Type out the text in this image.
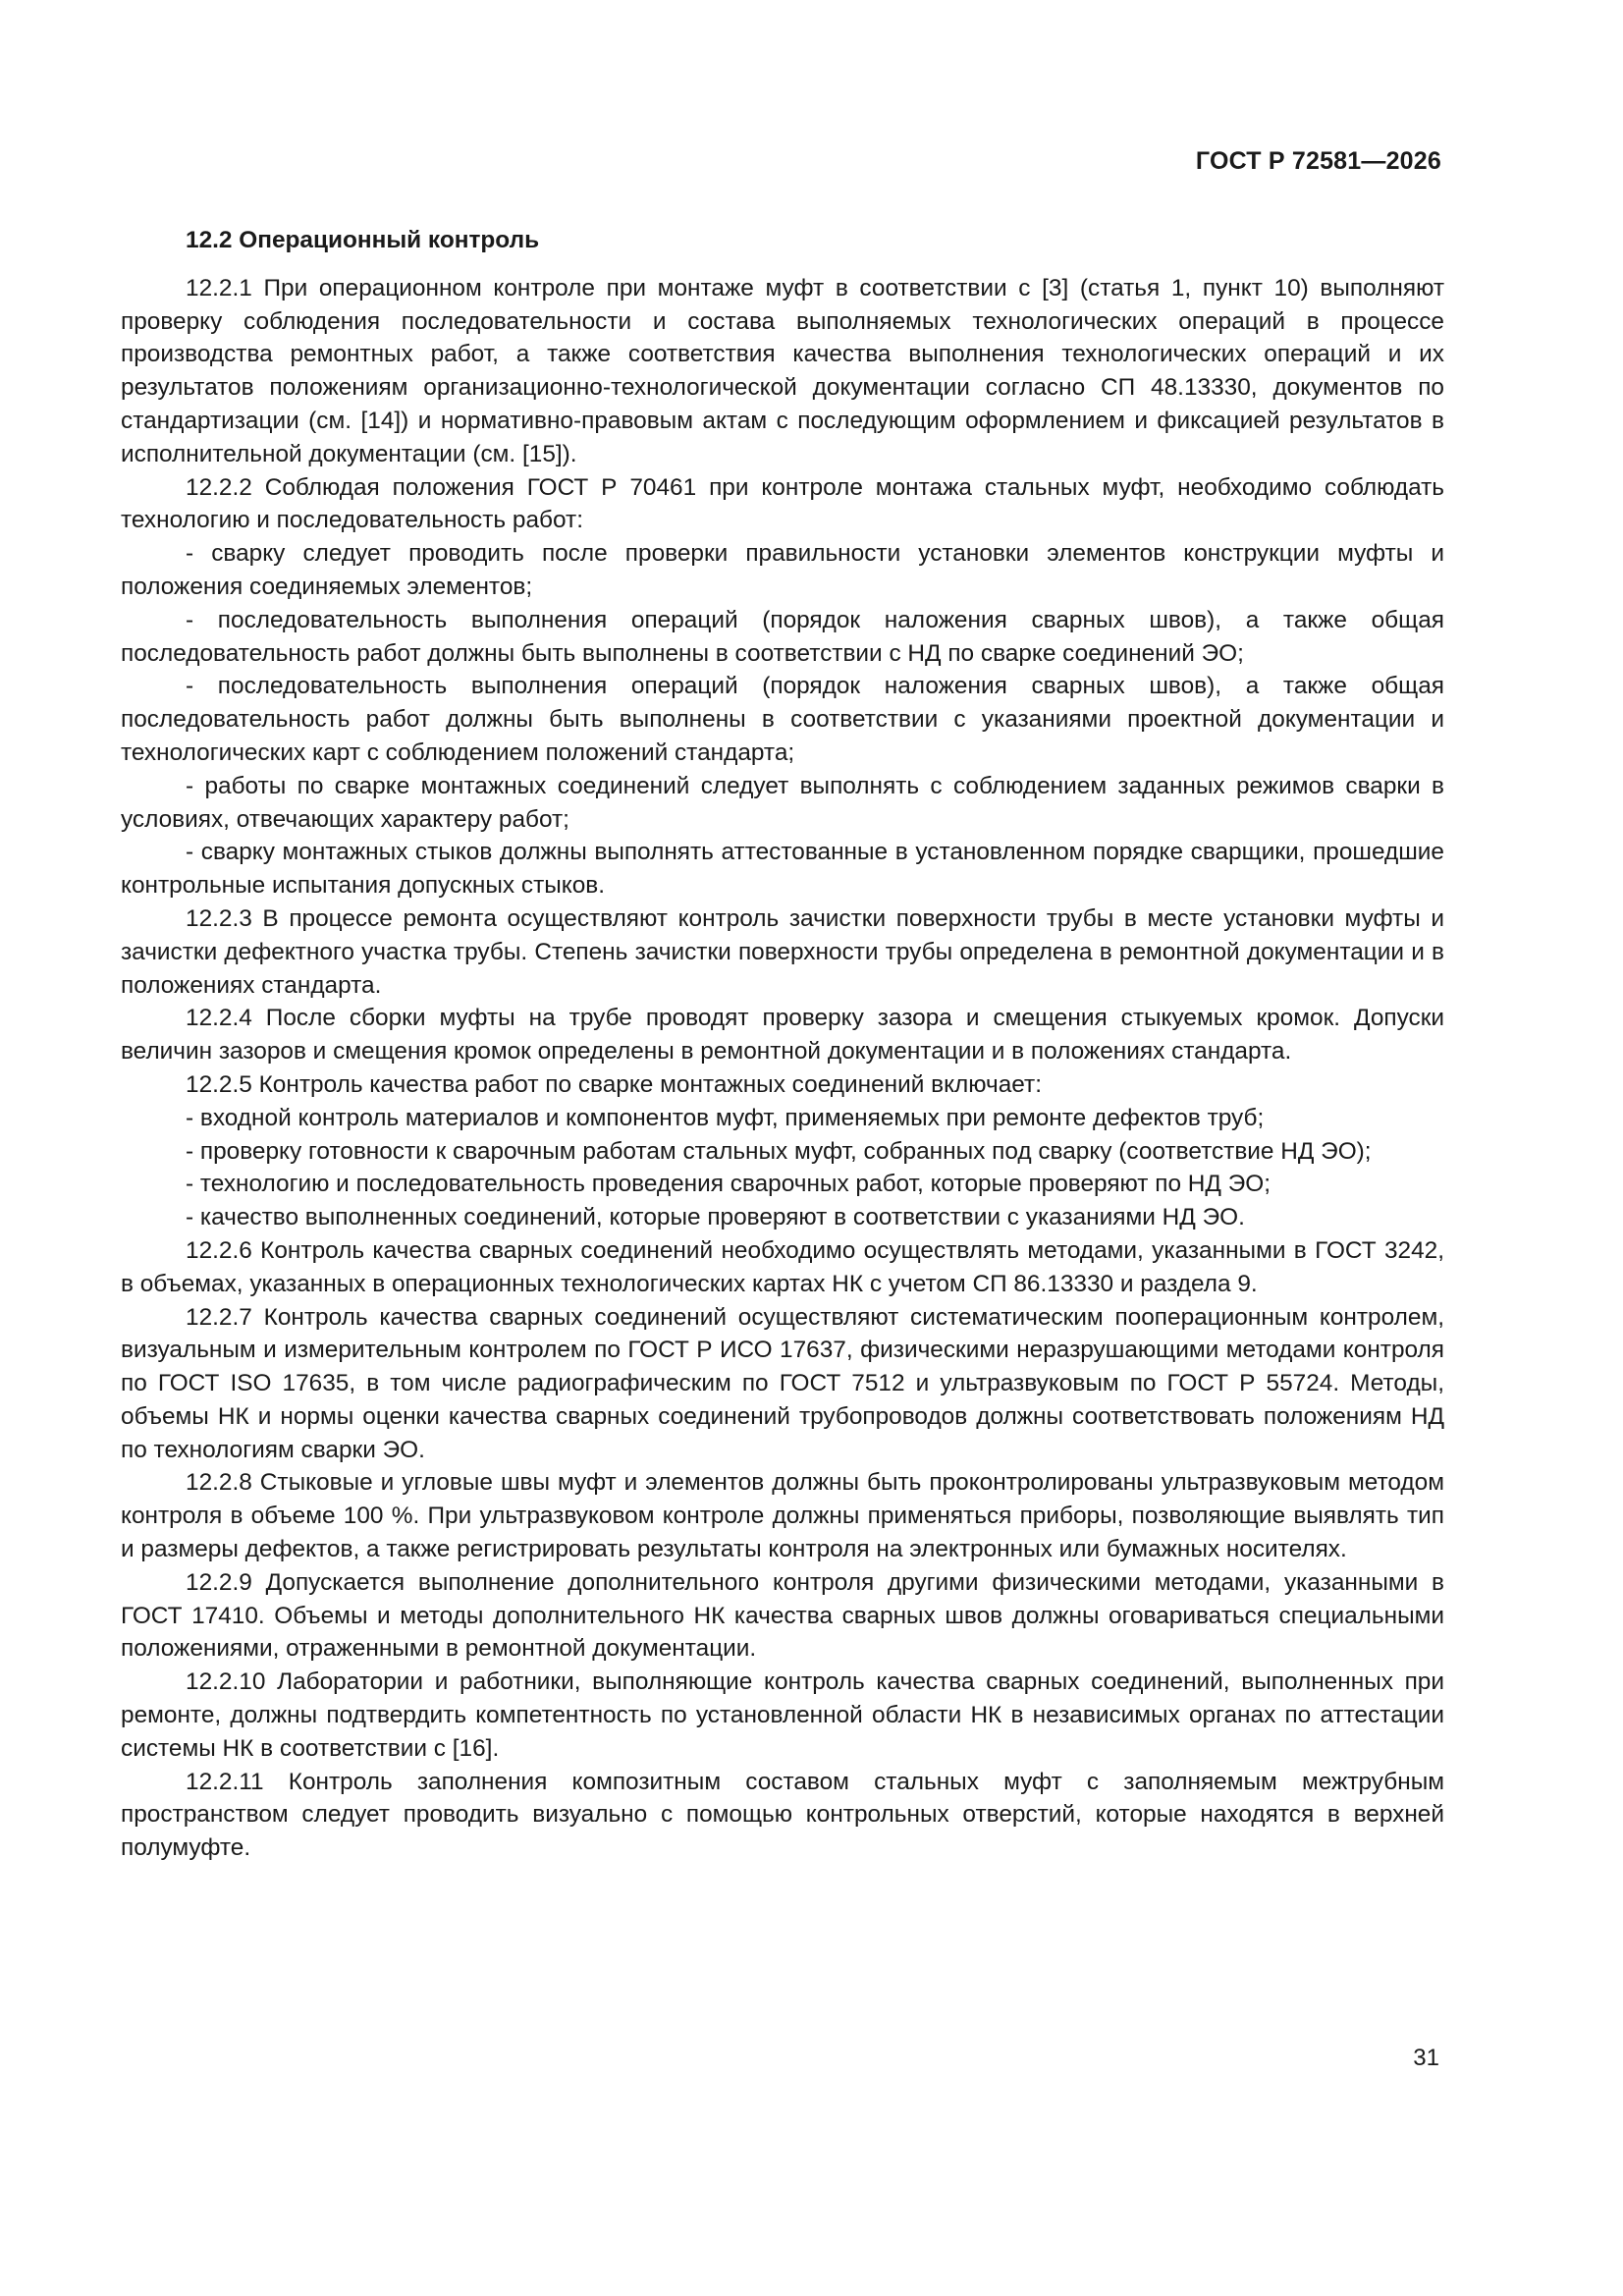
ГОСТ Р 72581—2026
12.2 Операционный контроль

12.2.1 При операционном контроле при монтаже муфт в соответствии с [3] (статья 1, пункт 10) выполняют проверку соблюдения последовательности и состава выполняемых технологических операций в процессе производства ремонтных работ, а также соответствия качества выполнения технологических операций и их результатов положениям организационно-технологической документации согласно СП 48.13330, документов по стандартизации (см. [14]) и нормативно-правовым актам с последующим оформлением и фиксацией результатов в исполнительной документации (см. [15]).

12.2.2 Соблюдая положения ГОСТ Р 70461 при контроле монтажа стальных муфт, необходимо соблюдать технологию и последовательность работ:

- сварку следует проводить после проверки правильности установки элементов конструкции муфты и положения соединяемых элементов;

- последовательность выполнения операций (порядок наложения сварных швов), а также общая последовательность работ должны быть выполнены в соответствии с НД по сварке соединений ЭО;

- последовательность выполнения операций (порядок наложения сварных швов), а также общая последовательность работ должны быть выполнены в соответствии с указаниями проектной документации и технологических карт с соблюдением положений стандарта;

- работы по сварке монтажных соединений следует выполнять с соблюдением заданных режимов сварки в условиях, отвечающих характеру работ;

- сварку монтажных стыков должны выполнять аттестованные в установленном порядке сварщики, прошедшие контрольные испытания допускных стыков.

12.2.3 В процессе ремонта осуществляют контроль зачистки поверхности трубы в месте установки муфты и зачистки дефектного участка трубы. Степень зачистки поверхности трубы определена в ремонтной документации и в положениях стандарта.

12.2.4 После сборки муфты на трубе проводят проверку зазора и смещения стыкуемых кромок. Допуски величин зазоров и смещения кромок определены в ремонтной документации и в положениях стандарта.

12.2.5 Контроль качества работ по сварке монтажных соединений включает:

- входной контроль материалов и компонентов муфт, применяемых при ремонте дефектов труб;

- проверку готовности к сварочным работам стальных муфт, собранных под сварку (соответствие НД ЭО);

- технологию и последовательность проведения сварочных работ, которые проверяют по НД ЭО;

- качество выполненных соединений, которые проверяют в соответствии с указаниями НД ЭО.

12.2.6 Контроль качества сварных соединений необходимо осуществлять методами, указанными в ГОСТ 3242, в объемах, указанных в операционных технологических картах НК с учетом СП 86.13330 и раздела 9.

12.2.7 Контроль качества сварных соединений осуществляют систематическим пооперационным контролем, визуальным и измерительным контролем по ГОСТ Р ИСО 17637, физическими неразрушающими методами контроля по ГОСТ ISO 17635, в том числе радиографическим по ГОСТ 7512 и ультразвуковым по ГОСТ Р 55724. Методы, объемы НК и нормы оценки качества сварных соединений трубопроводов должны соответствовать положениям НД по технологиям сварки ЭО.

12.2.8 Стыковые и угловые швы муфт и элементов должны быть проконтролированы ультразвуковым методом контроля в объеме 100 %. При ультразвуковом контроле должны применяться приборы, позволяющие выявлять тип и размеры дефектов, а также регистрировать результаты контроля на электронных или бумажных носителях.

12.2.9 Допускается выполнение дополнительного контроля другими физическими методами, указанными в ГОСТ 17410. Объемы и методы дополнительного НК качества сварных швов должны оговариваться специальными положениями, отраженными в ремонтной документации.

12.2.10 Лаборатории и работники, выполняющие контроль качества сварных соединений, выполненных при ремонте, должны подтвердить компетентность по установленной области НК в независимых органах по аттестации системы НК в соответствии с [16].

12.2.11 Контроль заполнения композитным составом стальных муфт с заполняемым межтрубным пространством следует проводить визуально с помощью контрольных отверстий, которые находятся в верхней полумуфте.

31
